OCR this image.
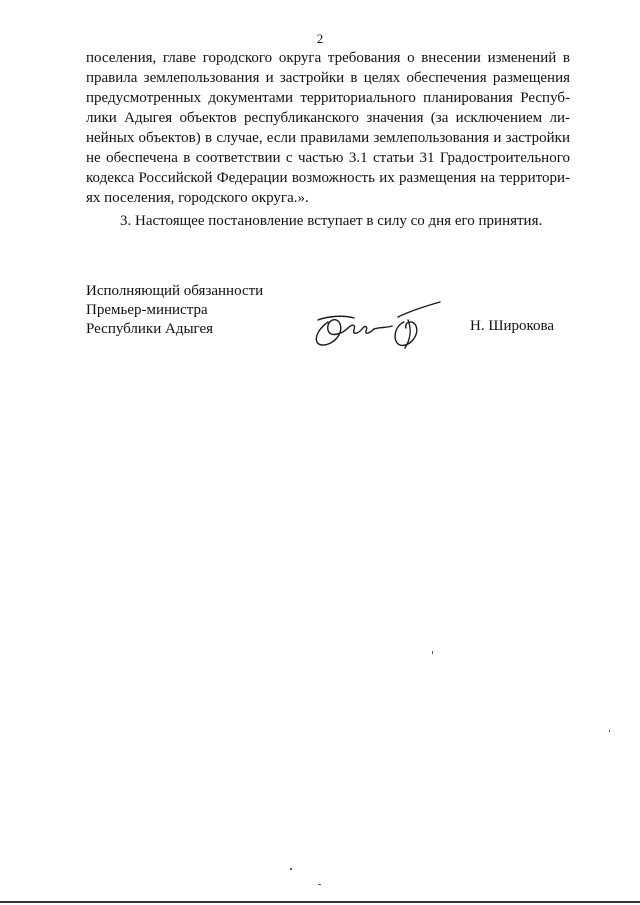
2
поселения, главе городского округа требования о внесении изменений в
правила землепользования и застройки в целях обеспечения размещения
предусмотренных документами территориального планирования Респуб-
лики Адыгея объектов республиканского значения (за исключением ли-
нейных объектов) в случае, если правилами землепользования и застройки
не обеспечена в соответствии с частью 3.1 статьи 31 Градостроительного
кодекса Российской Федерации возможность их размещения на территори-
ях поселения, городского округа.».
3. Настоящее постановление вступает в силу со дня его принятия.
Исполняющий обязанности
Премьер-министра
Республики Адыгея	Н. Широкова
